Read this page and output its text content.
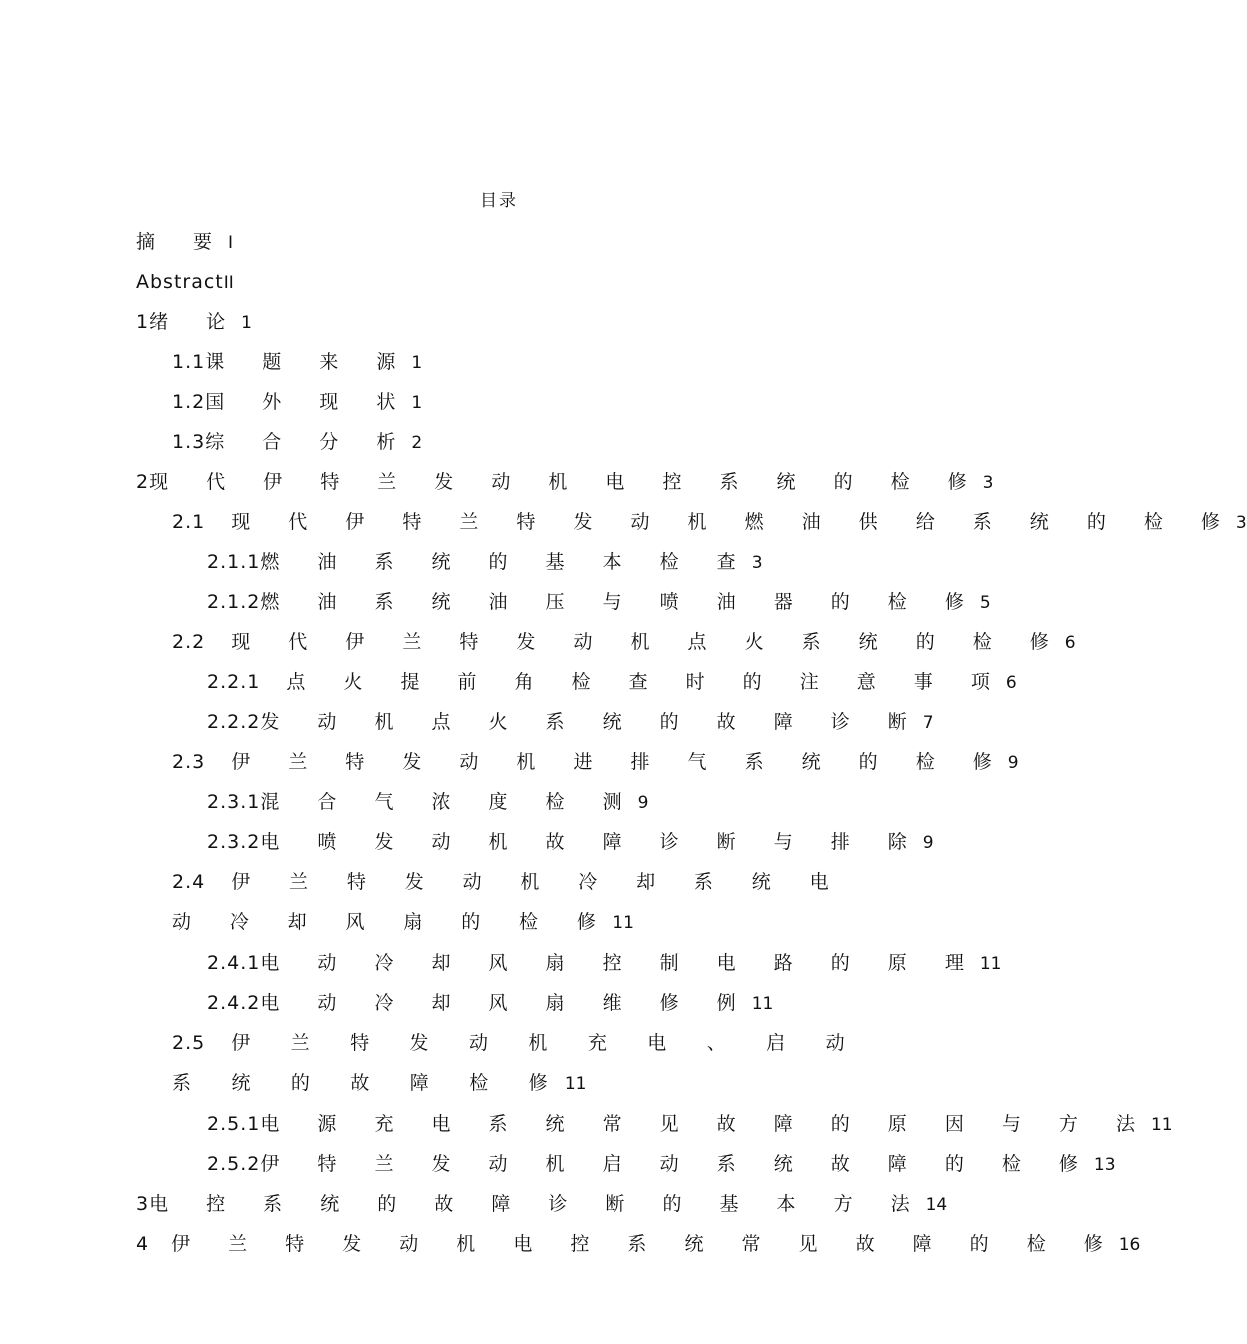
目录
摘 要I
AbstractII
1绪 论1
1.1课 题 来 源1
1.2国 外 现 状1
1.3综 合 分 析2
2现 代 伊 特 兰 发 动 机 电 控 系 统 的 检 修3
2.1 现 代 伊 特 兰 特 发 动 机 燃 油 供 给 系 统 的 检 修3
2.1.1燃 油 系 统 的 基 本 检 查3
2.1.2燃 油 系 统 油 压 与 喷 油 器 的 检 修5
2.2 现 代 伊 兰 特 发 动 机 点 火 系 统 的 检 修6
2.2.1 点 火 提 前 角 检 查 时 的 注 意 事 项6
2.2.2发 动 机 点 火 系 统 的 故 障 诊 断7
2.3 伊 兰 特 发 动 机 进 排 气 系 统 的 检 修9
2.3.1混 合 气 浓 度 检 测9
2.3.2电 喷 发 动 机 故 障 诊 断 与 排 除9
2.4 伊 兰 特 发 动 机 冷 却 系 统 电 动 冷 却 风 扇 的 检 修11
2.4.1电 动 冷 却 风 扇 控 制 电 路 的 原 理11
2.4.2电 动 冷 却 风 扇 维 修 例11
2.5 伊 兰 特 发 动 机 充 电 、 启 动 系 统 的 故 障 检 修11
2.5.1电 源 充 电 系 统 常 见 故 障 的 原 因 与 方 法11
2.5.2伊 特 兰 发 动 机 启 动 系 统 故 障 的 检 修13
3电 控 系 统 的 故 障 诊 断 的 基 本 方 法14
4 伊 兰 特 发 动 机 电 控 系 统 常 见 故 障 的 检 修16
